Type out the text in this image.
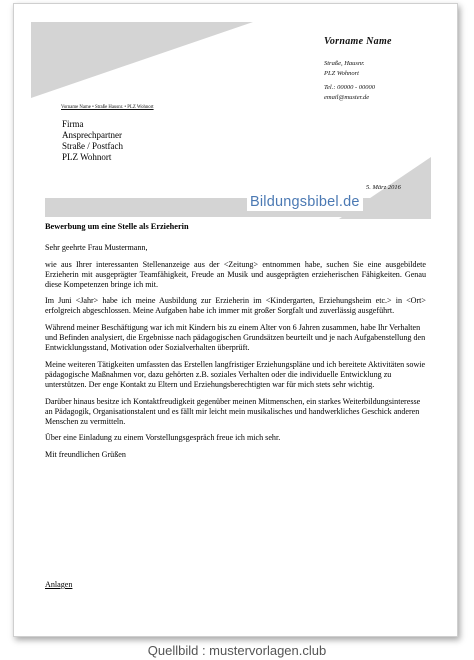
Vorname Name
Straße, Hausnr.
PLZ Wohnort
Tel.: 00000 - 00000
email@muster.de
Vorname Name • Straße Hausnr. • PLZ Wohnort
Firma
Ansprechpartner
Straße / Postfach
PLZ Wohnort
5. März 2016
Bildungsbibel.de
Bewerbung um eine Stelle als Erzieherin

Sehr geehrte Frau Mustermann,

wie aus Ihrer interessanten Stellenanzeige aus der <Zeitung> entnommen habe, suchen Sie eine ausgebildete Erzieherin mit ausgeprägter Teamfähigkeit, Freude an Musik und ausgeprägten erzieherischen Fähigkeiten. Genau diese Kompetenzen bringe ich mit.

Im Juni <Jahr> habe ich meine Ausbildung zur Erzieherin im <Kindergarten, Erziehungsheim etc.> in <Ort> erfolgreich abgeschlossen. Meine Aufgaben habe ich immer mit großer Sorgfalt und zuverlässig ausgeführt.

Während meiner Beschäftigung war ich mit Kindern bis zu einem Alter von 6 Jahren zusammen, habe Ihr Verhalten und Befinden analysiert, die Ergebnisse nach pädagogischen Grundsätzen beurteilt und je nach Aufgabenstellung den Entwicklungsstand, Motivation oder Sozialverhalten überprüft.

Meine weiteren Tätigkeiten umfassten das Erstellen langfristiger Erziehungspläne und ich bereitete Aktivitäten sowie pädagogische Maßnahmen vor, dazu gehörten z.B. soziales Verhalten oder die individuelle Entwicklung zu unterstützen. Der enge Kontakt zu Eltern und Erziehungsberechtigten war für mich stets sehr wichtig.

Darüber hinaus besitze ich Kontaktfreudigkeit gegenüber meinen Mitmenschen, ein starkes Weiterbildungsinteresse an Pädagogik, Organisationstalent und es fällt mir leicht mein musikalisches und handwerkliches Geschick anderen Menschen zu vermitteln.

Über eine Einladung zu einem Vorstellungsgespräch freue ich mich sehr.

Mit freundlichen Grüßen

Anlagen
Quellbild : mustervorlagen.club
